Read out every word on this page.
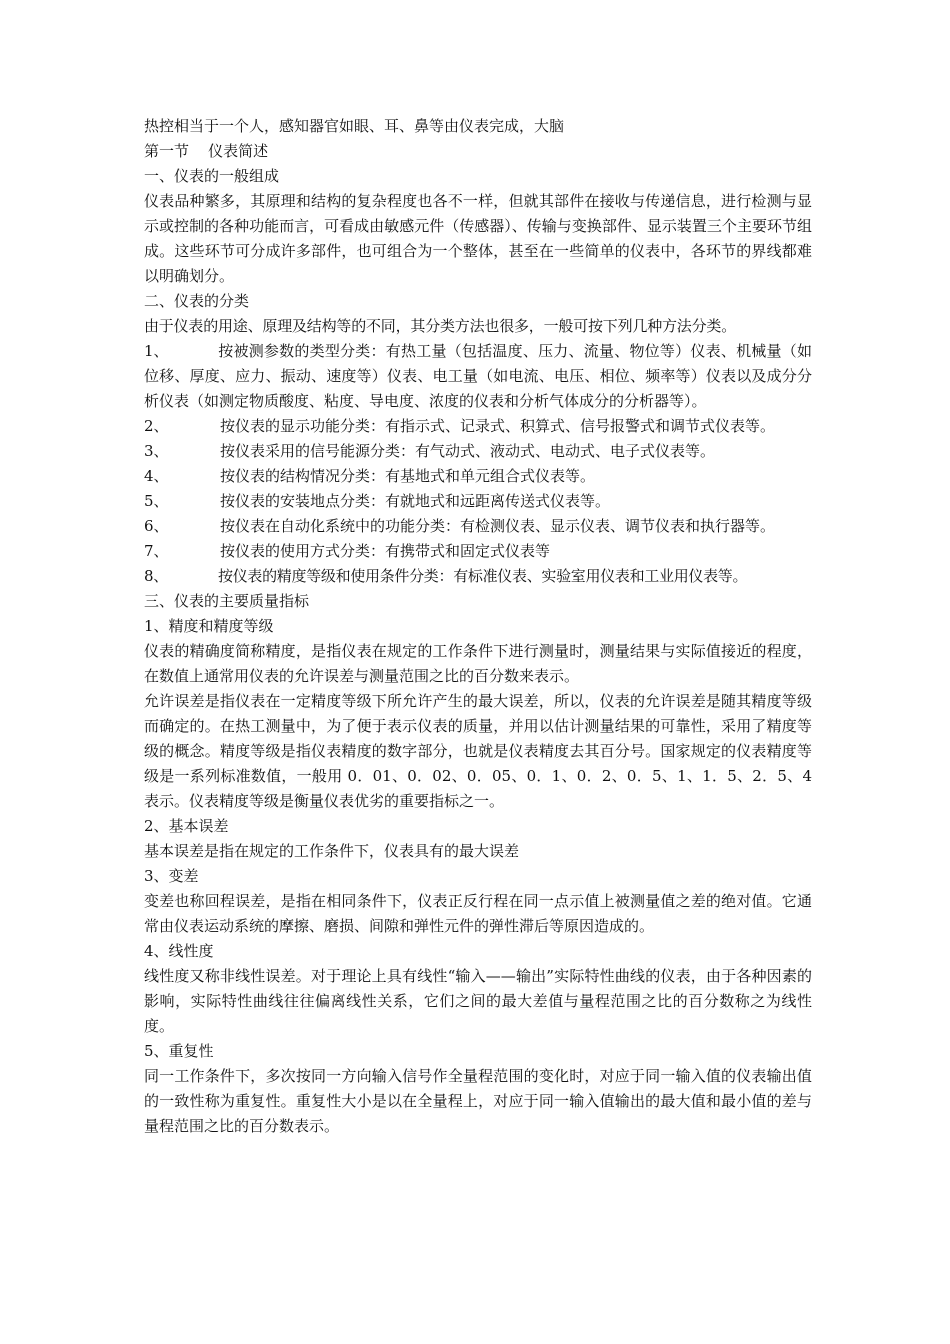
热控相当于一个人，感知器官如眼、耳、鼻等由仪表完成，大脑
第一节    仪表简述
一、仪表的一般组成
仪表品种繁多，其原理和结构的复杂程度也各不一样，但就其部件在接收与传递信息，进行检测与显示或控制的各种功能而言，可看成由敏感元件（传感器）、传输与变换部件、显示装置三个主要环节组成。这些环节可分成许多部件，也可组合为一个整体，甚至在一些简单的仪表中，各环节的界线都难以明确划分。
二、仪表的分类
由于仪表的用途、原理及结构等的不同，其分类方法也很多，一般可按下列几种方法分类。
1、	按被测参数的类型分类：有热工量（包括温度、压力、流量、物位等）仪表、机械量（如位移、厚度、应力、振动、速度等）仪表、电工量（如电流、电压、相位、频率等）仪表以及成分分析仪表（如测定物质酸度、粘度、导电度、浓度的仪表和分析气体成分的分析器等）。
2、	按仪表的显示功能分类：有指示式、记录式、积算式、信号报警式和调节式仪表等。
3、	按仪表采用的信号能源分类：有气动式、液动式、电动式、电子式仪表等。
4、	按仪表的结构情况分类：有基地式和单元组合式仪表等。
5、	按仪表的安装地点分类：有就地式和远距离传送式仪表等。
6、	按仪表在自动化系统中的功能分类：有检测仪表、显示仪表、调节仪表和执行器等。
7、	按仪表的使用方式分类：有携带式和固定式仪表等
8、	按仪表的精度等级和使用条件分类：有标准仪表、实验室用仪表和工业用仪表等。
三、仪表的主要质量指标
1、精度和精度等级
仪表的精确度简称精度，是指仪表在规定的工作条件下进行测量时，测量结果与实际值接近的程度，在数值上通常用仪表的允许误差与测量范围之比的百分数来表示。
允许误差是指仪表在一定精度等级下所允许产生的最大误差，所以，仪表的允许误差是随其精度等级而确定的。在热工测量中，为了便于表示仪表的质量，并用以估计测量结果的可靠性，采用了精度等级的概念。精度等级是指仪表精度的数字部分，也就是仪表精度去其百分号。国家规定的仪表精度等级是一系列标准数值，一般用 0．01、0．02、0．05、0．1、0．2、0．5、1、1．5、2．5、4 表示。仪表精度等级是衡量仪表优劣的重要指标之一。
2、基本误差
基本误差是指在规定的工作条件下，仪表具有的最大误差
3、变差
变差也称回程误差，是指在相同条件下，仪表正反行程在同一点示值上被测量值之差的绝对值。它通常由仪表运动系统的摩擦、磨损、间隙和弹性元件的弹性滞后等原因造成的。
4、线性度
线性度又称非线性误差。对于理论上具有线性“输入——输出”实际特性曲线的仪表，由于各种因素的影响，实际特性曲线往往偏离线性关系，它们之间的最大差值与量程范围之比的百分数称之为线性度。
5、重复性
同一工作条件下，多次按同一方向输入信号作全量程范围的变化时，对应于同一输入值的仪表输出值的一致性称为重复性。重复性大小是以在全量程上，对应于同一输入值输出的最大值和最小值的差与量程范围之比的百分数表示。
